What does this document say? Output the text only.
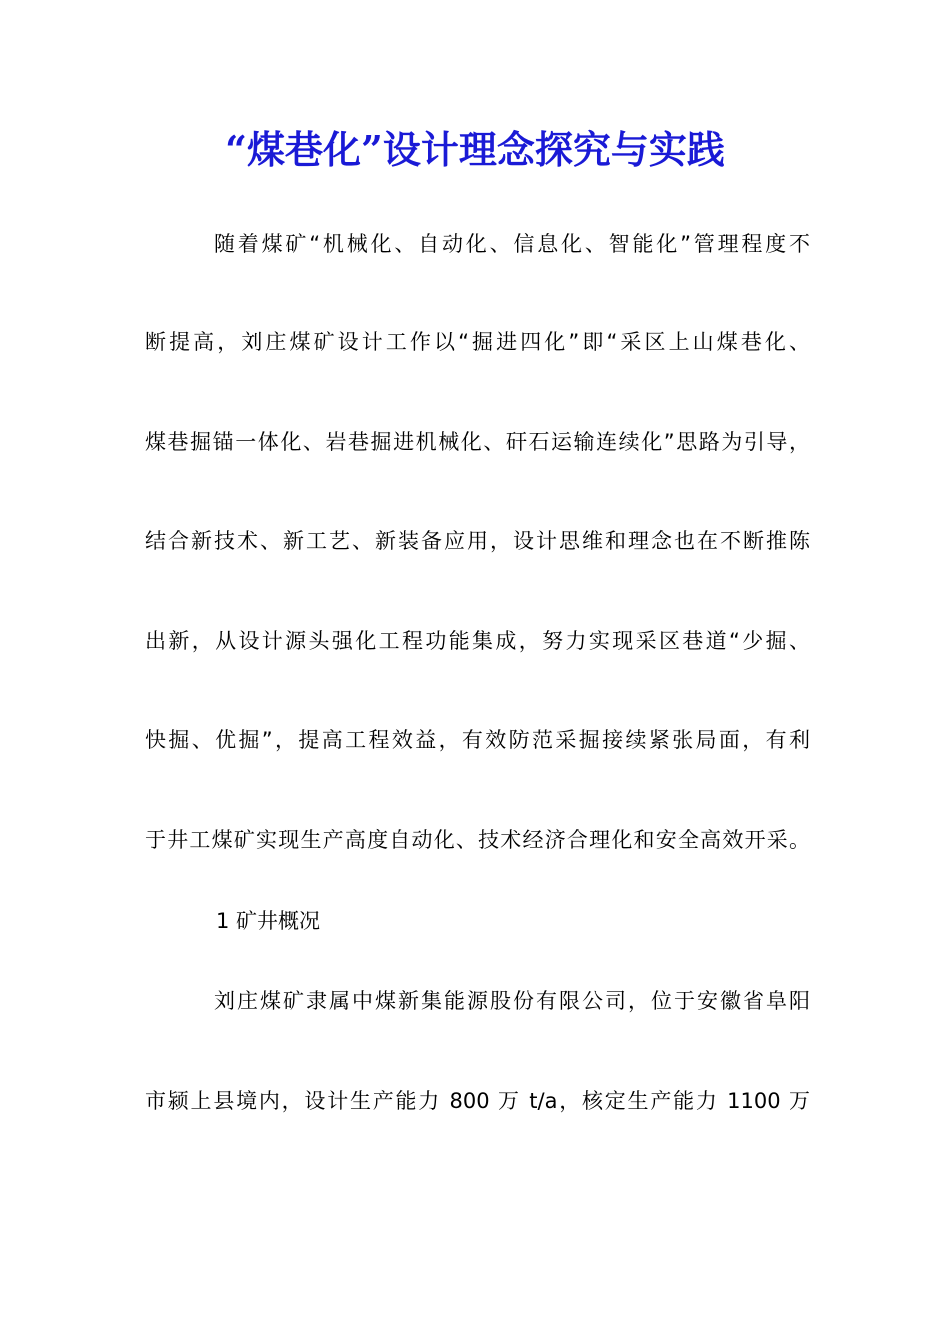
“煤巷化”设计理念探究与实践

随着煤矿“机械化、自动化、信息化、智能化”管理程度不

断提高，刘庄煤矿设计工作以“掘进四化”即“采区上山煤巷化、

煤巷掘锚一体化、岩巷掘进机械化、矸石运输连续化”思路为引导，

结合新技术、新工艺、新装备应用，设计思维和理念也在不断推陈

出新，从设计源头强化工程功能集成，努力实现采区巷道“少掘、

快掘、优掘”，提高工程效益，有效防范采掘接续紧张局面，有利

于井工煤矿实现生产高度自动化、技术经济合理化和安全高效开采。

1 矿井概况

刘庄煤矿隶属中煤新集能源股份有限公司，位于安徽省阜阳

市颍上县境内，设计生产能力 800 万 t/a，核定生产能力 1100 万
